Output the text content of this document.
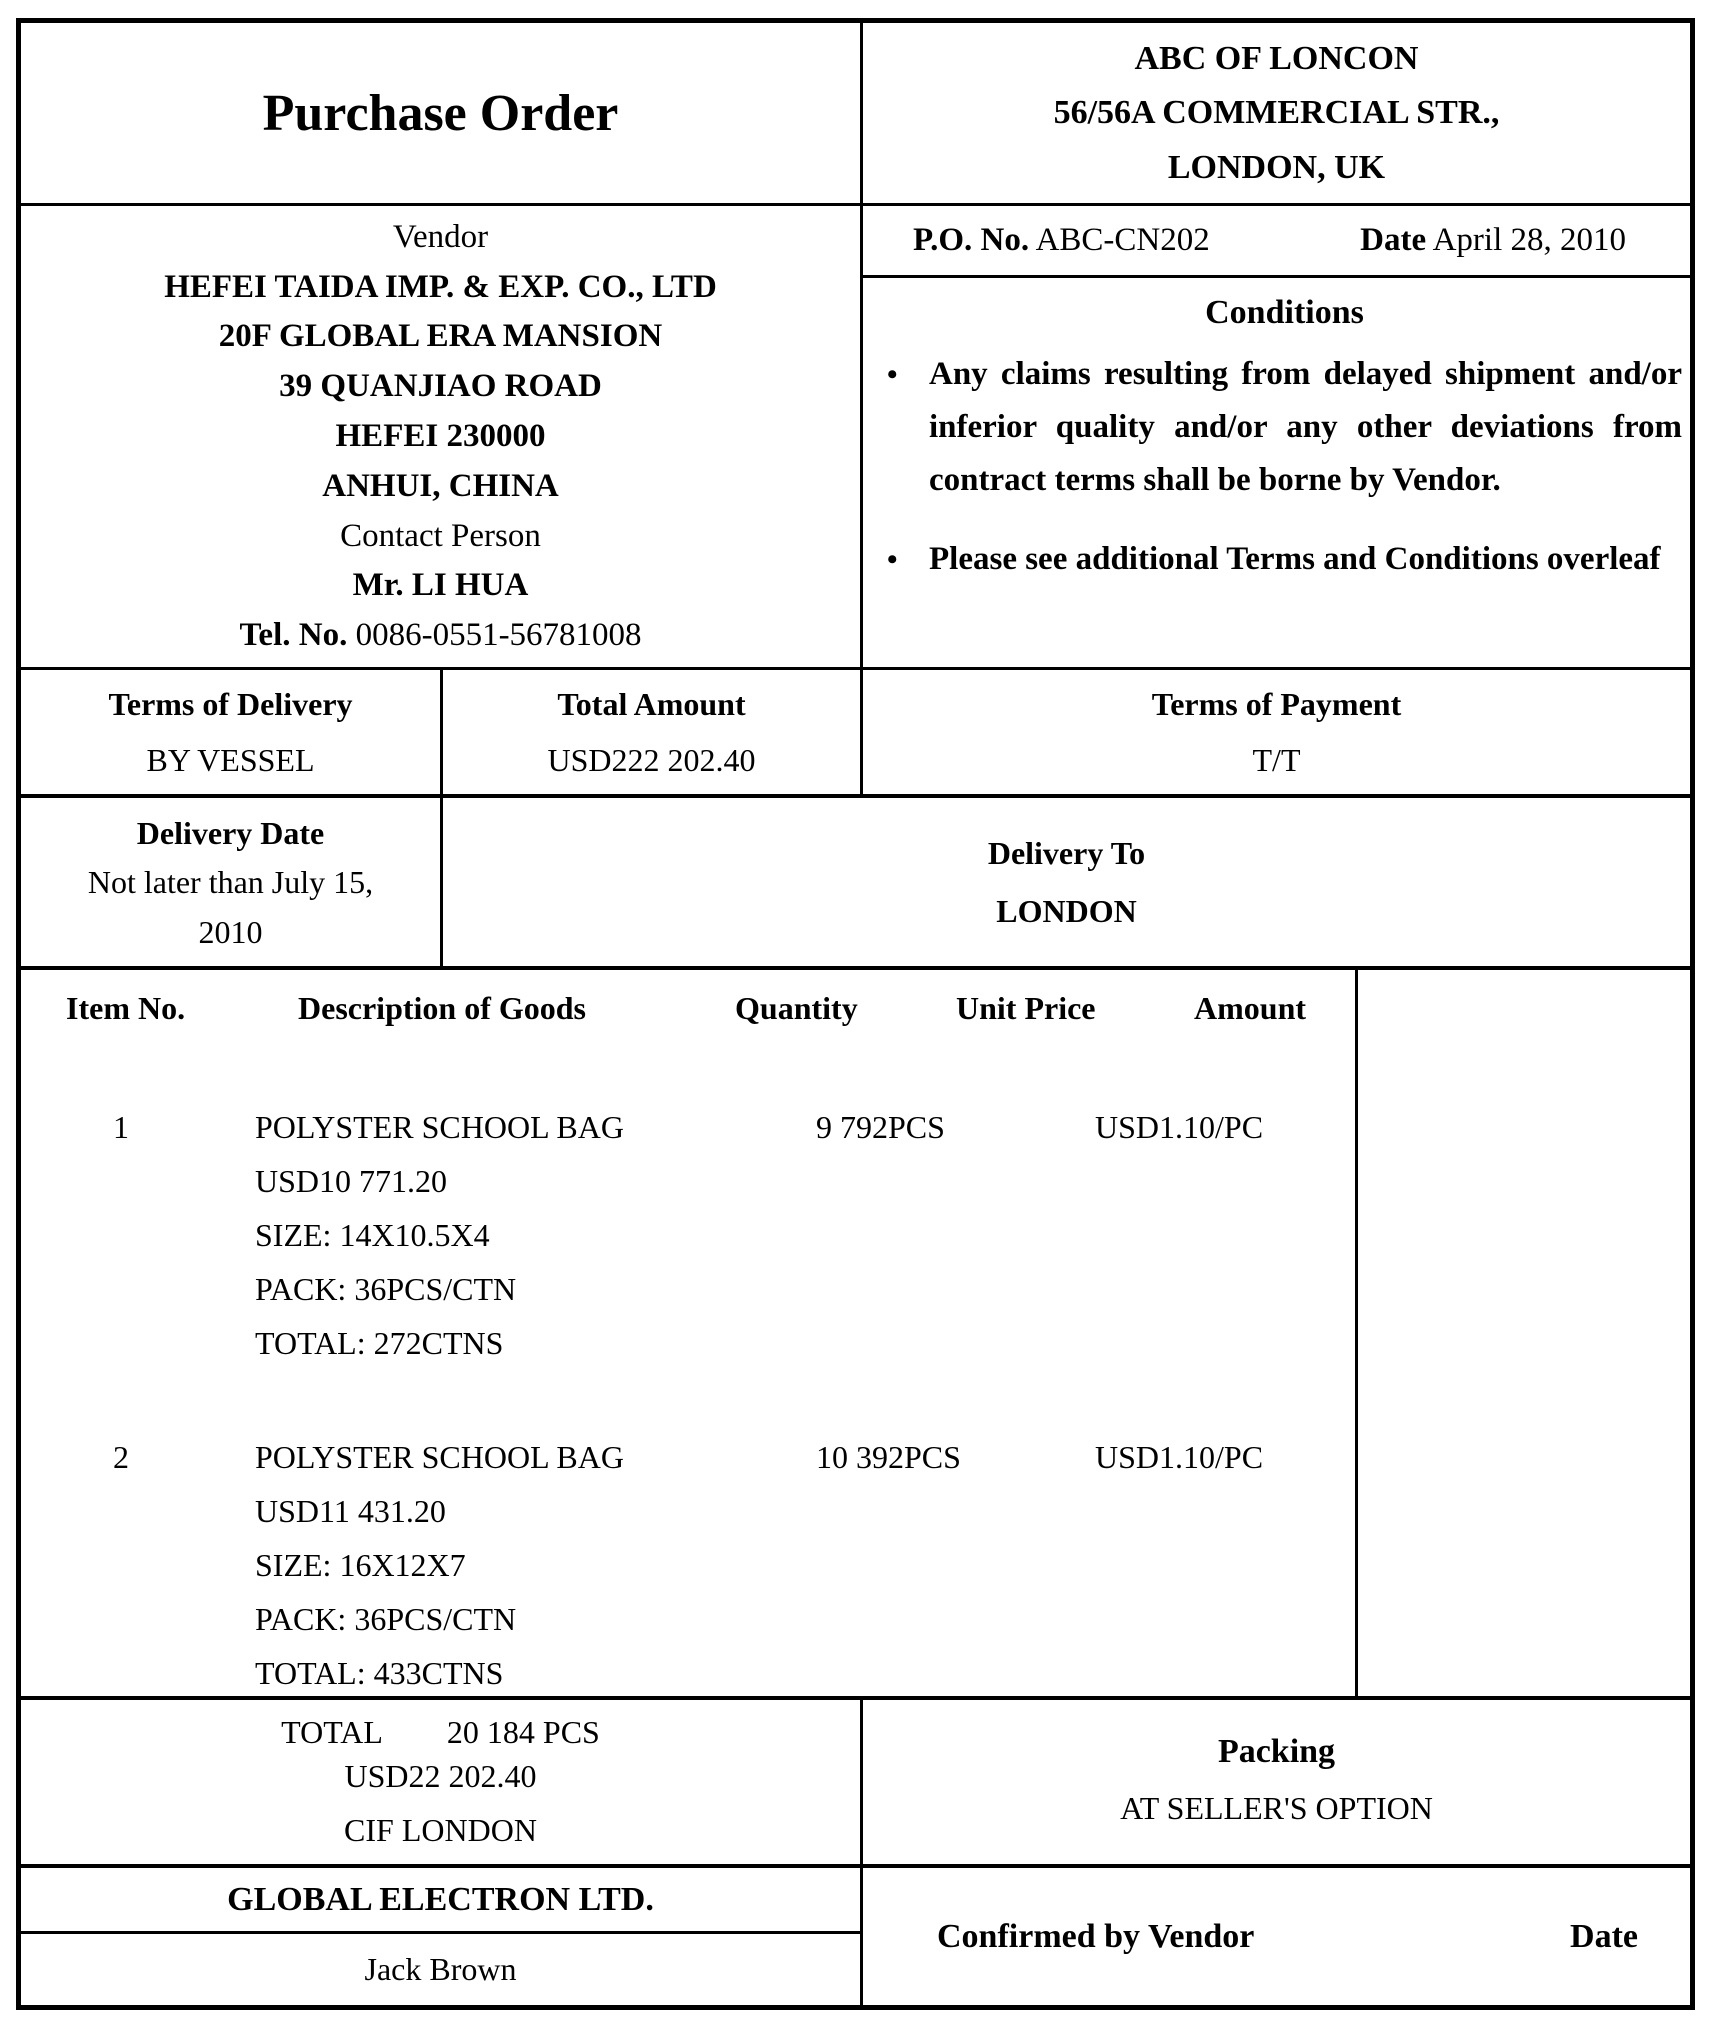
Purchase Order
ABC OF LONCON
56/56A COMMERCIAL STR.,
LONDON, UK
Vendor
HEFEI TAIDA IMP. & EXP. CO., LTD
20F GLOBAL ERA MANSION
39 QUANJIAO ROAD
HEFEI 230000
ANHUI, CHINA
Contact Person
Mr. LI HUA
Tel. No. 0086-0551-56781008
P.O. No. ABC-CN202	Date April 28, 2010
Conditions
• Any claims resulting from delayed shipment and/or inferior quality and/or any other deviations from contract terms shall be borne by Vendor.
• Please see additional Terms and Conditions overleaf
Terms of Delivery
BY VESSEL
Total Amount
USD222 202.40
Terms of Payment
T/T
Delivery Date
Not later than July 15,
2010
Delivery To
LONDON
Item No.	Description of Goods	Quantity	Unit Price	Amount
1	POLYSTER SCHOOL BAG	9 792PCS	USD1.10/PC
USD10 771.20
SIZE: 14X10.5X4
PACK: 36PCS/CTN
TOTAL: 272CTNS
2	POLYSTER SCHOOL BAG	10 392PCS	USD1.10/PC
USD11 431.20
SIZE: 16X12X7
PACK: 36PCS/CTN
TOTAL: 433CTNS
TOTAL 20 184 PCS
USD22 202.40
CIF LONDON
Packing
AT SELLER'S OPTION
GLOBAL ELECTRON LTD.
Jack Brown
Confirmed by Vendor	Date
